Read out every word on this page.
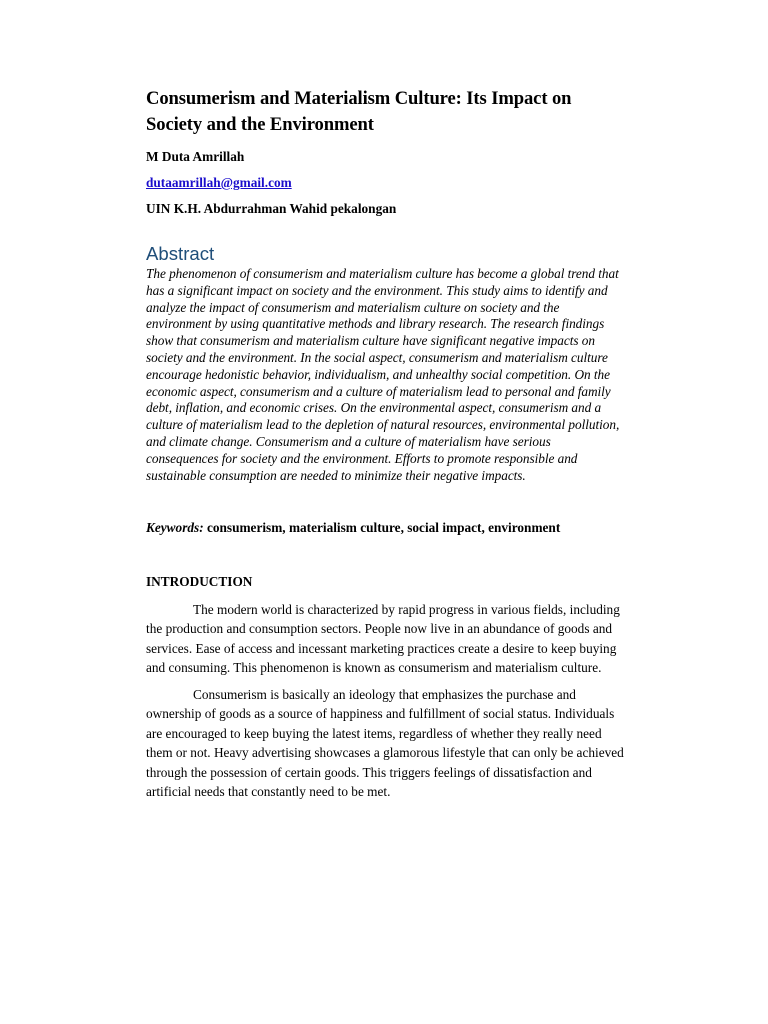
Consumerism and Materialism Culture: Its Impact on Society and the Environment

M Duta Amrillah

dutaamrillah@gmail.com

UIN K.H. Abdurrahman Wahid pekalongan

Abstract

The phenomenon of consumerism and materialism culture has become a global trend that has a significant impact on society and the environment. This study aims to identify and analyze the impact of consumerism and materialism culture on society and the environment by using quantitative methods and library research. The research findings show that consumerism and materialism culture have significant negative impacts on society and the environment. In the social aspect, consumerism and materialism culture encourage hedonistic behavior, individualism, and unhealthy social competition. On the economic aspect, consumerism and a culture of materialism lead to personal and family debt, inflation, and economic crises. On the environmental aspect, consumerism and a culture of materialism lead to the depletion of natural resources, environmental pollution, and climate change. Consumerism and a culture of materialism have serious consequences for society and the environment. Efforts to promote responsible and sustainable consumption are needed to minimize their negative impacts.

Keywords: consumerism, materialism culture, social impact, environment

INTRODUCTION

The modern world is characterized by rapid progress in various fields, including the production and consumption sectors. People now live in an abundance of goods and services. Ease of access and incessant marketing practices create a desire to keep buying and consuming. This phenomenon is known as consumerism and materialism culture.

Consumerism is basically an ideology that emphasizes the purchase and ownership of goods as a source of happiness and fulfillment of social status. Individuals are encouraged to keep buying the latest items, regardless of whether they really need them or not. Heavy advertising showcases a glamorous lifestyle that can only be achieved through the possession of certain goods. This triggers feelings of dissatisfaction and artificial needs that constantly need to be met.
